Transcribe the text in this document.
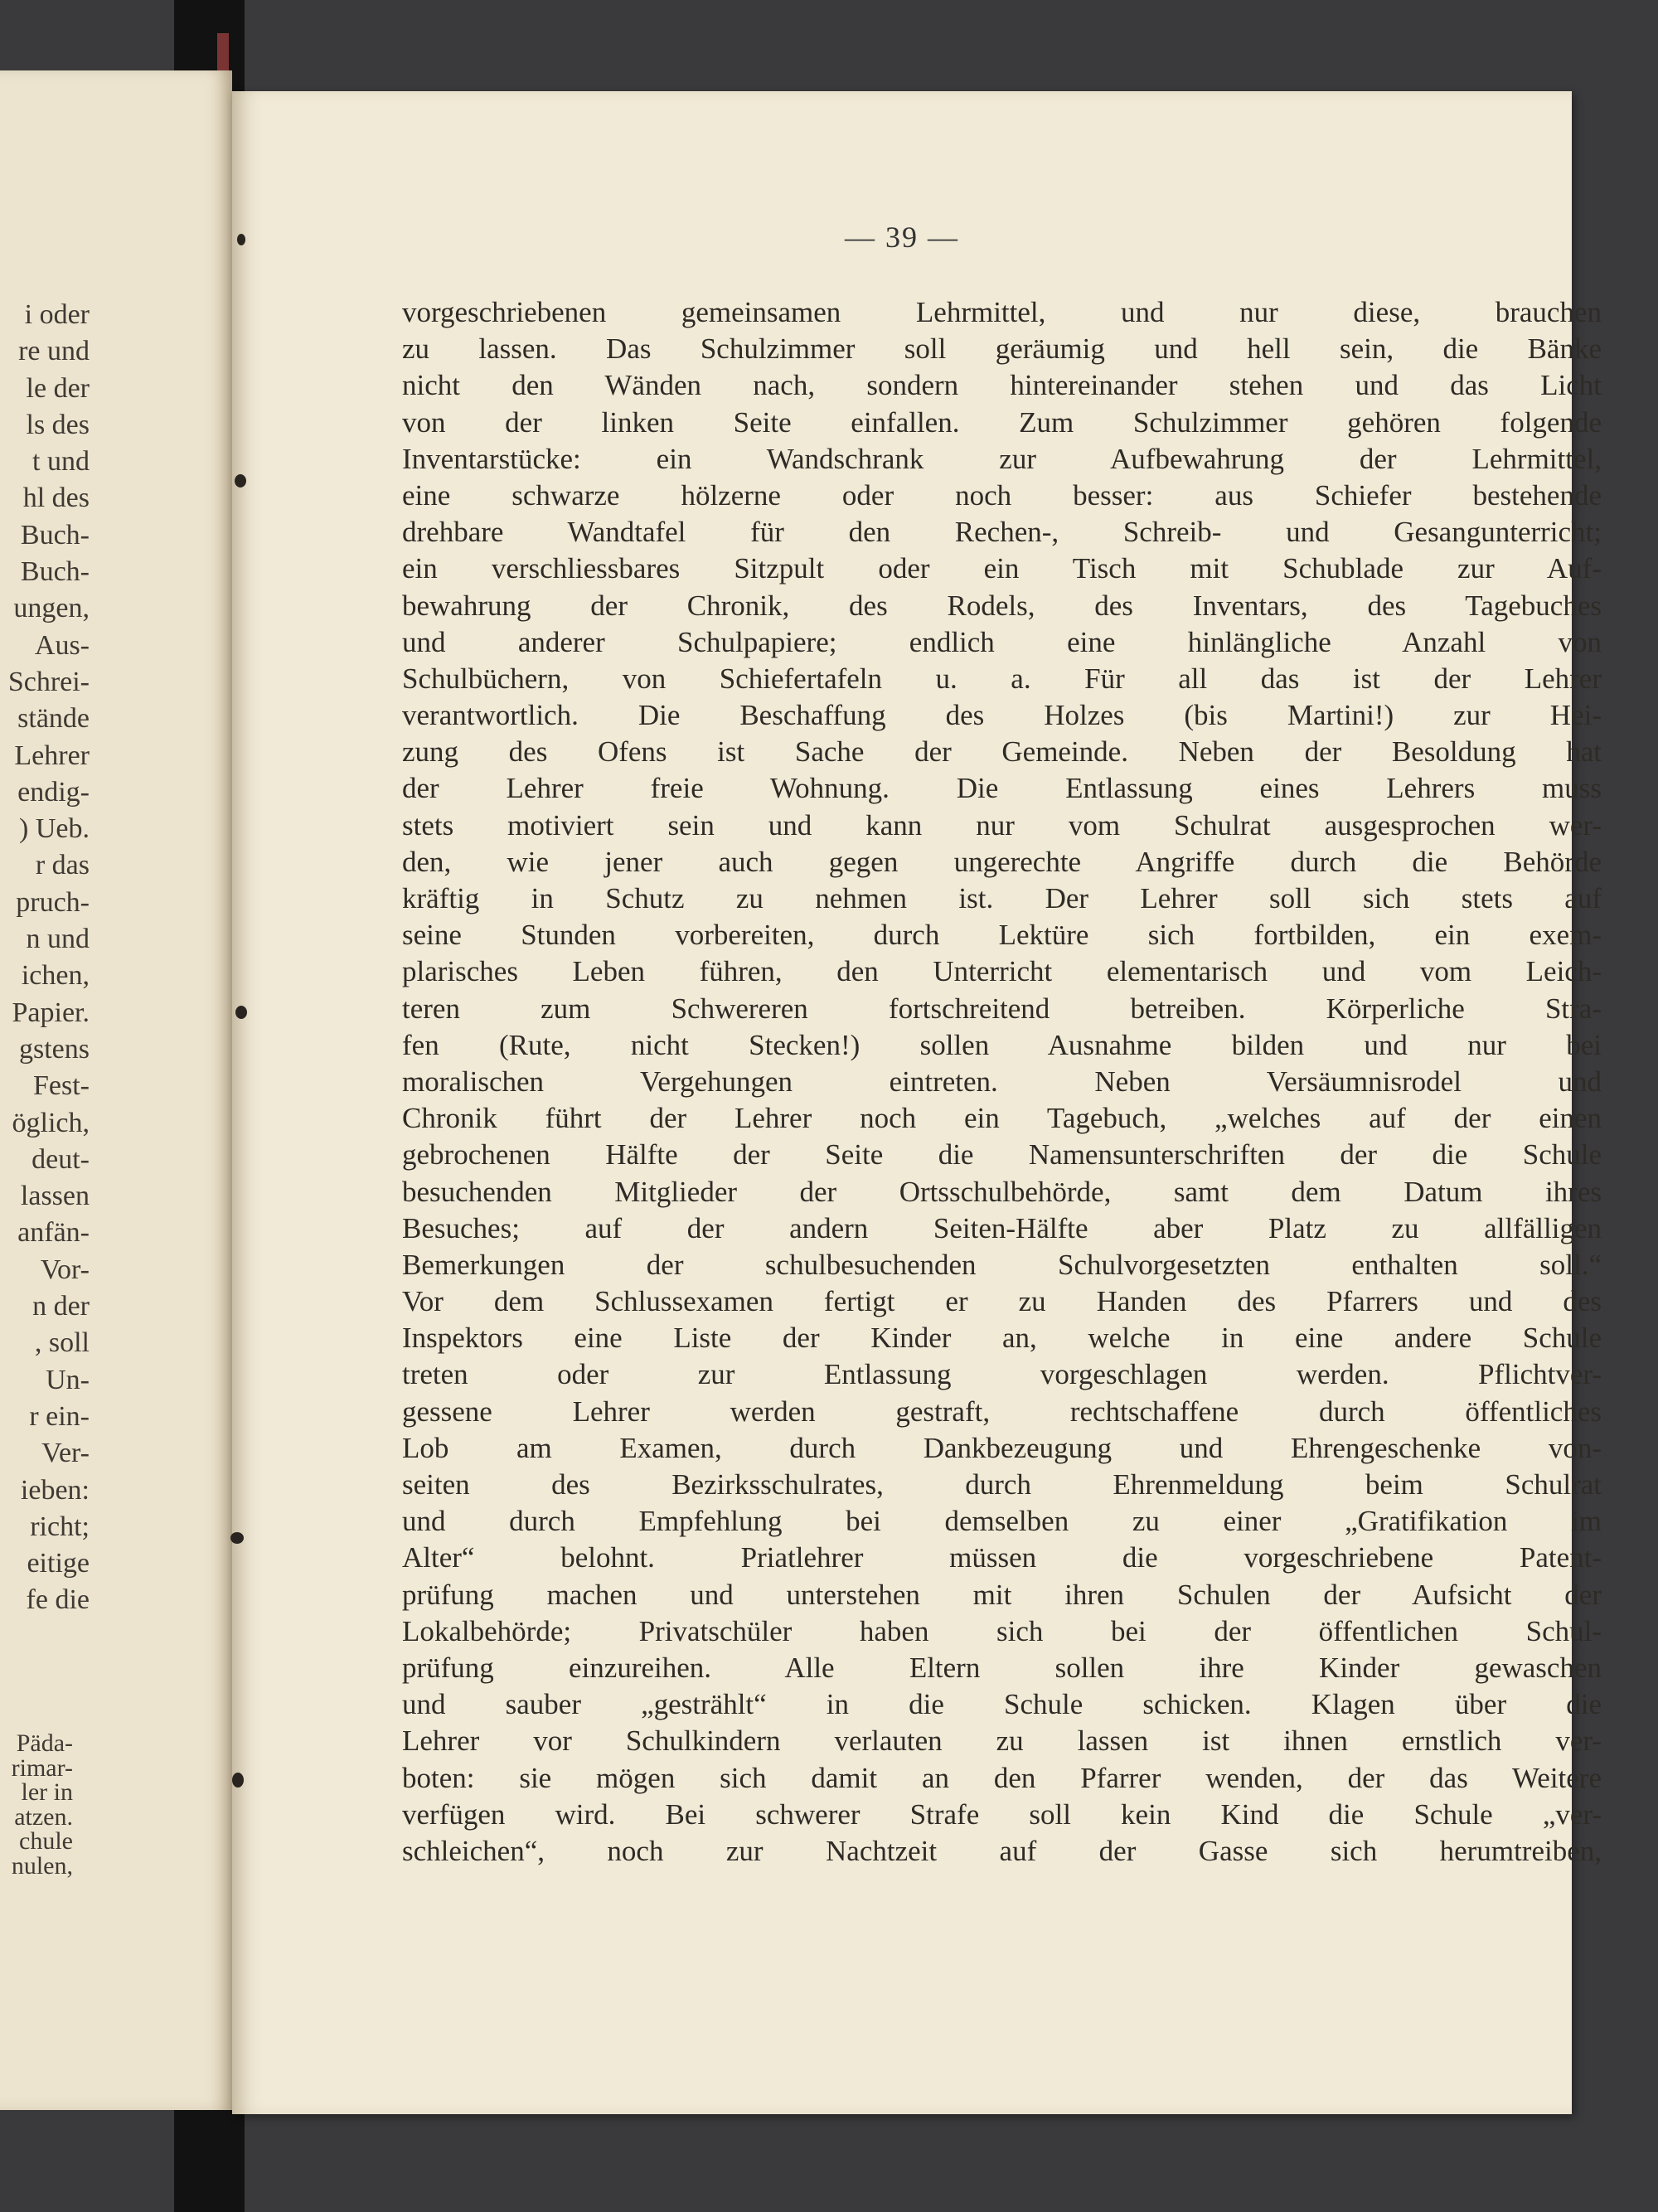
i oder
re und
le der
ls des
t und
hl des
Buch-
Buch-
ungen,
Aus-
Schrei-
stände
Lehrer
endig-
) Ueb.
r das
pruch-
n und
ichen,
Papier.
gstens
Fest-
öglich,
deut-
lassen
anfän-
Vor-
n der
, soll
Un-
r ein-
Ver-
ieben:
richt;
eitige
fe die
Päda-
rimar-
ler in
atzen.
chule
nulen,
— 39 —
vorgeschriebenen gemeinsamen Lehrmittel, und nur diese, brauchen
zu lassen. Das Schulzimmer soll geräumig und hell sein, die Bänke
nicht den Wänden nach, sondern hintereinander stehen und das Licht
von der linken Seite einfallen. Zum Schulzimmer gehören folgende
Inventarstücke: ein Wandschrank zur Aufbewahrung der Lehrmittel,
eine schwarze hölzerne oder noch besser: aus Schiefer bestehende
drehbare Wandtafel für den Rechen-, Schreib- und Gesangunterricht;
ein verschliessbares Sitzpult oder ein Tisch mit Schublade zur Auf-
bewahrung der Chronik, des Rodels, des Inventars, des Tagebuches
und anderer Schulpapiere; endlich eine hinlängliche Anzahl von
Schulbüchern, von Schiefertafeln u. a. Für all das ist der Lehrer
verantwortlich. Die Beschaffung des Holzes (bis Martini!) zur Hei-
zung des Ofens ist Sache der Gemeinde. Neben der Besoldung hat
der Lehrer freie Wohnung. Die Entlassung eines Lehrers muss
stets motiviert sein und kann nur vom Schulrat ausgesprochen wer-
den, wie jener auch gegen ungerechte Angriffe durch die Behörde
kräftig in Schutz zu nehmen ist. Der Lehrer soll sich stets auf
seine Stunden vorbereiten, durch Lektüre sich fortbilden, ein exem-
plarisches Leben führen, den Unterricht elementarisch und vom Leich-
teren zum Schwereren fortschreitend betreiben. Körperliche Stra-
fen (Rute, nicht Stecken!) sollen Ausnahme bilden und nur bei
moralischen Vergehungen eintreten. Neben Versäumnisrodel und
Chronik führt der Lehrer noch ein Tagebuch, „welches auf der einen
gebrochenen Hälfte der Seite die Namensunterschriften der die Schule
besuchenden Mitglieder der Ortsschulbehörde, samt dem Datum ihres
Besuches; auf der andern Seiten-Hälfte aber Platz zu allfälligen
Bemerkungen der schulbesuchenden Schulvorgesetzten enthalten soll.“
Vor dem Schlussexamen fertigt er zu Handen des Pfarrers und des
Inspektors eine Liste der Kinder an, welche in eine andere Schule
treten oder zur Entlassung vorgeschlagen werden. Pflichtver-
gessene Lehrer werden gestraft, rechtschaffene durch öffentliches
Lob am Examen, durch Dankbezeugung und Ehrengeschenke von-
seiten des Bezirksschulrates, durch Ehrenmeldung beim Schulrat
und durch Empfehlung bei demselben zu einer „Gratifikation im
Alter“ belohnt. Priatlehrer müssen die vorgeschriebene Patent-
prüfung machen und unterstehen mit ihren Schulen der Aufsicht der
Lokalbehörde; Privatschüler haben sich bei der öffentlichen Schul-
prüfung einzureihen. Alle Eltern sollen ihre Kinder gewaschen
und sauber „gestrählt“ in die Schule schicken. Klagen über die
Lehrer vor Schulkindern verlauten zu lassen ist ihnen ernstlich ver-
boten: sie mögen sich damit an den Pfarrer wenden, der das Weitere
verfügen wird. Bei schwerer Strafe soll kein Kind die Schule „ver-
schleichen“, noch zur Nachtzeit auf der Gasse sich herumtreiben,
